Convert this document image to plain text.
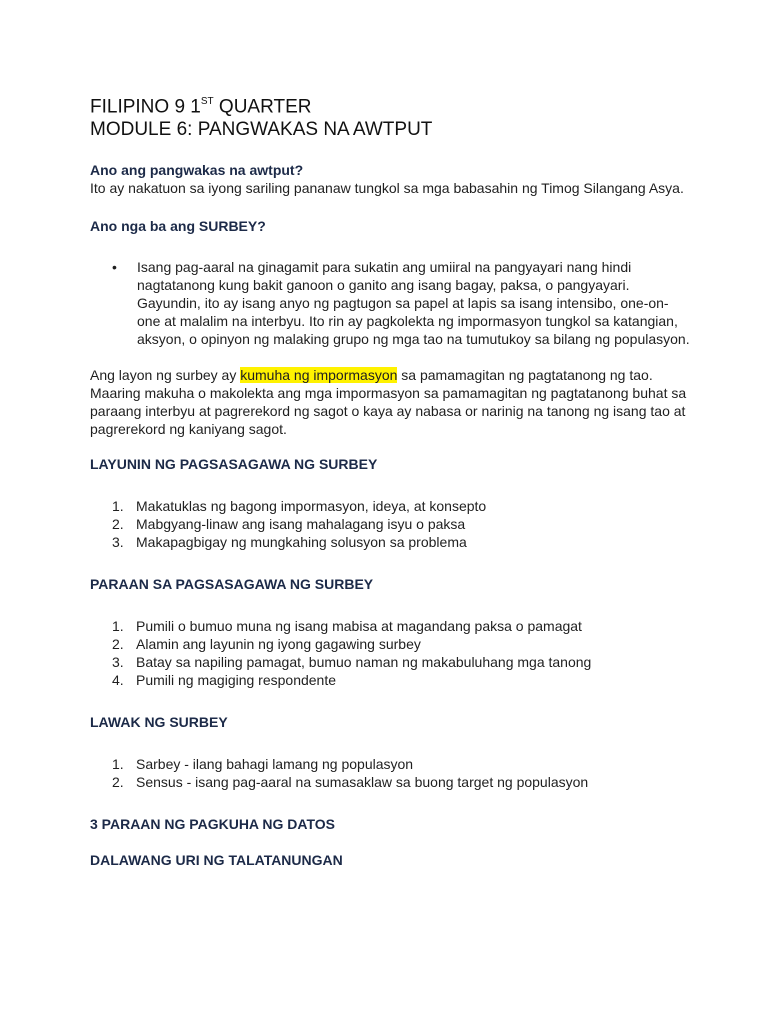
FILIPINO 9 1ST QUARTER
MODULE 6: PANGWAKAS NA AWTPUT

Ano ang pangwakas na awtput?

Ito ay nakatuon sa iyong sariling pananaw tungkol sa mga babasahin ng Timog Silangang Asya.

Ano nga ba ang SURBEY?

• Isang pag-aaral na ginagamit para sukatin ang umiiral na pangyayari nang hindi nagtatanong kung bakit ganoon o ganito ang isang bagay, paksa, o pangyayari. Gayundin, ito ay isang anyo ng pagtugon sa papel at lapis sa isang intensibo, one-on-one at malalim na interbyu. Ito rin ay pagkolekta ng impormasyon tungkol sa katangian, aksyon, o opinyon ng malaking grupo ng mga tao na tumutukoy sa bilang ng populasyon.

Ang layon ng surbey ay kumuha ng impormasyon sa pamamagitan ng pagtatanong ng tao. Maaring makuha o makolekta ang mga impormasyon sa pamamagitan ng pagtatanong buhat sa paraang interbyu at pagrerekord ng sagot o kaya ay nabasa or narinig na tanong ng isang tao at pagrerekord ng kaniyang sagot.

LAYUNIN NG PAGSASAGAWA NG SURBEY

1. Makatuklas ng bagong impormasyon, ideya, at konsepto
2. Mabgyang-linaw ang isang mahalagang isyu o paksa
3. Makapagbigay ng mungkahing solusyon sa problema

PARAAN SA PAGSASAGAWA NG SURBEY

1. Pumili o bumuo muna ng isang mabisa at magandang paksa o pamagat
2. Alamin ang layunin ng iyong gagawing surbey
3. Batay sa napiling pamagat, bumuo naman ng makabuluhang mga tanong
4. Pumili ng magiging respondente

LAWAK NG SURBEY

1. Sarbey - ilang bahagi lamang ng populasyon
2. Sensus - isang pag-aaral na sumasaklaw sa buong target ng populasyon

3 PARAAN NG PAGKUHA NG DATOS

DALAWANG URI NG TALATANUNGAN
